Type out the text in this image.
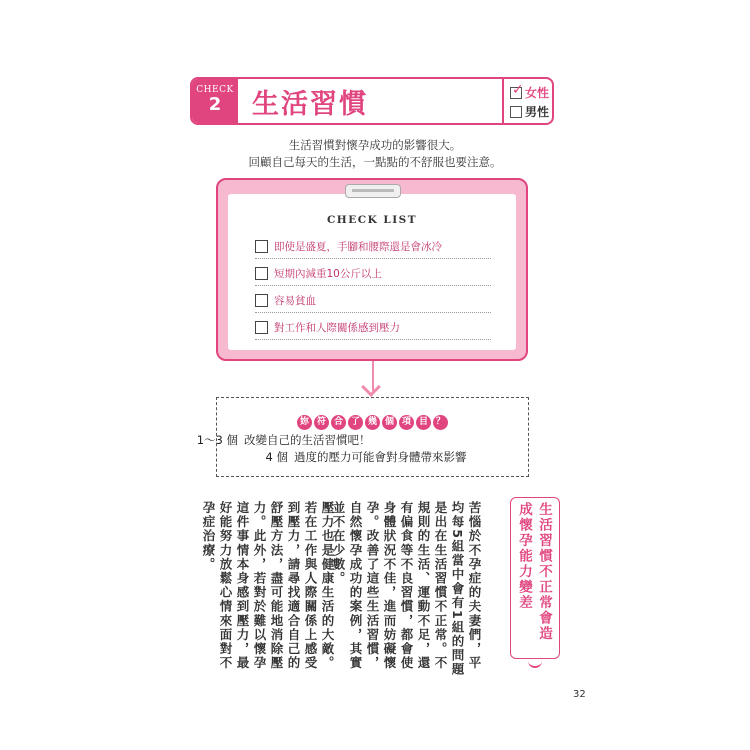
CHECK
2	生活習慣	✓ 女性
男性
生活習慣對懷孕成功的影響很大。
回顧自己每天的生活，一點點的不舒服也要注意。
CHECK LIST
即使是盛夏，手腳和腰際還是會冰冷
短期內減重10公斤以上
容易貧血
對工作和人際關係感到壓力
妳 符 合 了 幾 個 項 目 ？
1～3 個 改變自己的生活習慣吧！
4 個 過度的壓力可能會對身體帶來影響
生活習慣不正常會造成懷孕能力變差
苦惱於不孕症的夫妻們，平均每5組當中會有1組的問題是出在生活習慣不正常。不規則的生活、運動不足，還有偏食等不良習慣，都會使身體狀況不佳，進而妨礙懷孕。改善了這些生活習慣，自然懷孕成功的案例，其實並不在少數。
壓力也是健康生活的大敵。若在工作與人際關係上感受到壓力，請尋找適合自己的舒壓方法，盡可能地消除壓力。此外，若對於難以懷孕這件事情本身感到壓力，最好能努力放鬆心情來面對不孕症治療。
32
